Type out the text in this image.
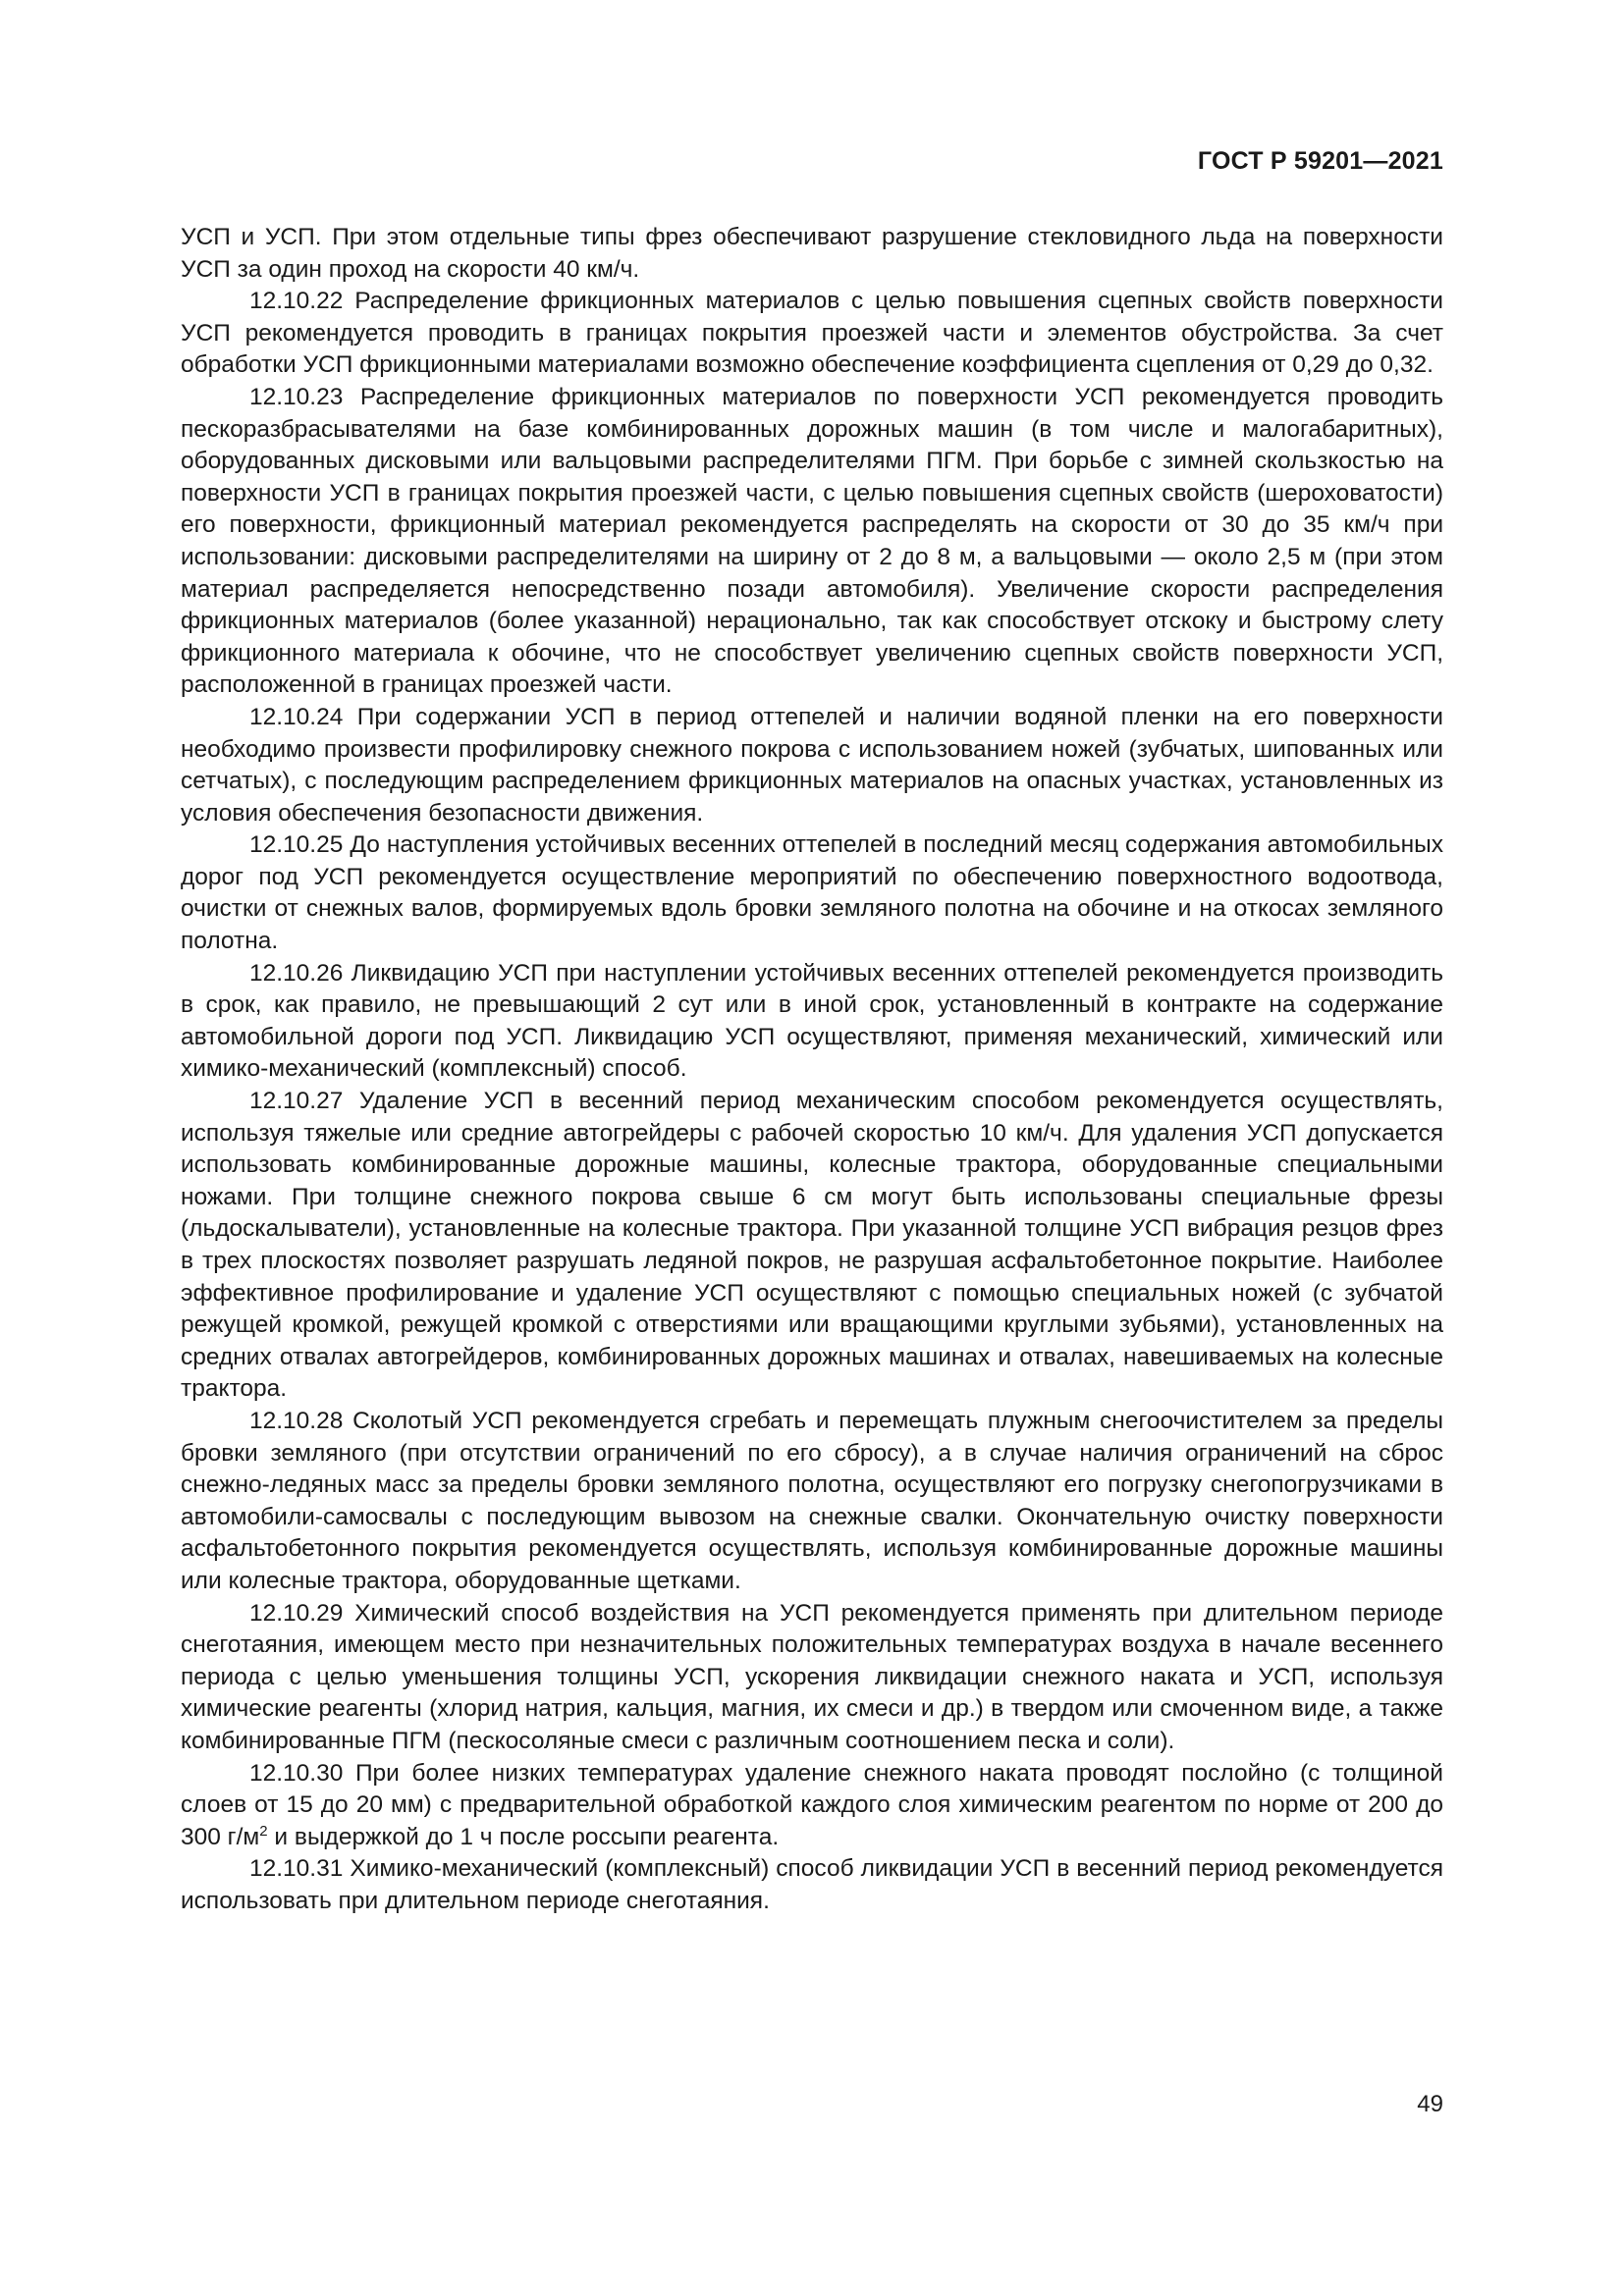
ГОСТ Р 59201—2021

УСП и УСП. При этом отдельные типы фрез обеспечивают разрушение стекловидного льда на поверхности УСП за один проход на скорости 40 км/ч.

12.10.22 Распределение фрикционных материалов с целью повышения сцепных свойств поверхности УСП рекомендуется проводить в границах покрытия проезжей части и элементов обустройства. За счет обработки УСП фрикционными материалами возможно обеспечение коэффициента сцепления от 0,29 до 0,32.

12.10.23 Распределение фрикционных материалов по поверхности УСП рекомендуется проводить пескоразбрасывателями на базе комбинированных дорожных машин (в том числе и малогабаритных), оборудованных дисковыми или вальцовыми распределителями ПГМ. При борьбе с зимней скользкостью на поверхности УСП в границах покрытия проезжей части, с целью повышения сцепных свойств (шероховатости) его поверхности, фрикционный материал рекомендуется распределять на скорости от 30 до 35 км/ч при использовании: дисковыми распределителями на ширину от 2 до 8 м, а вальцовыми — около 2,5 м (при этом материал распределяется непосредственно позади автомобиля). Увеличение скорости распределения фрикционных материалов (более указанной) нерационально, так как способствует отскоку и быстрому слету фрикционного материала к обочине, что не способствует увеличению сцепных свойств поверхности УСП, расположенной в границах проезжей части.

12.10.24 При содержании УСП в период оттепелей и наличии водяной пленки на его поверхности необходимо произвести профилировку снежного покрова с использованием ножей (зубчатых, шипованных или сетчатых), с последующим распределением фрикционных материалов на опасных участках, установленных из условия обеспечения безопасности движения.

12.10.25 До наступления устойчивых весенних оттепелей в последний месяц содержания автомобильных дорог под УСП рекомендуется осуществление мероприятий по обеспечению поверхностного водоотвода, очистки от снежных валов, формируемых вдоль бровки земляного полотна на обочине и на откосах земляного полотна.

12.10.26 Ликвидацию УСП при наступлении устойчивых весенних оттепелей рекомендуется производить в срок, как правило, не превышающий 2 сут или в иной срок, установленный в контракте на содержание автомобильной дороги под УСП. Ликвидацию УСП осуществляют, применяя механический, химический или химико-механический (комплексный) способ.

12.10.27 Удаление УСП в весенний период механическим способом рекомендуется осуществлять, используя тяжелые или средние автогрейдеры с рабочей скоростью 10 км/ч. Для удаления УСП допускается использовать комбинированные дорожные машины, колесные трактора, оборудованные специальными ножами. При толщине снежного покрова свыше 6 см могут быть использованы специальные фрезы (льдоскалыватели), установленные на колесные трактора. При указанной толщине УСП вибрация резцов фрез в трех плоскостях позволяет разрушать ледяной покров, не разрушая асфальтобетонное покрытие. Наиболее эффективное профилирование и удаление УСП осуществляют с помощью специальных ножей (с зубчатой режущей кромкой, режущей кромкой с отверстиями или вращающими круглыми зубьями), установленных на средних отвалах автогрейдеров, комбинированных дорожных машинах и отвалах, навешиваемых на колесные трактора.

12.10.28 Сколотый УСП рекомендуется сгребать и перемещать плужным снегоочистителем за пределы бровки земляного (при отсутствии ограничений по его сбросу), а в случае наличия ограничений на сброс снежно-ледяных масс за пределы бровки земляного полотна, осуществляют его погрузку снегопогрузчиками в автомобили-самосвалы с последующим вывозом на снежные свалки. Окончательную очистку поверхности асфальтобетонного покрытия рекомендуется осуществлять, используя комбинированные дорожные машины или колесные трактора, оборудованные щетками.

12.10.29 Химический способ воздействия на УСП рекомендуется применять при длительном периоде снеготаяния, имеющем место при незначительных положительных температурах воздуха в начале весеннего периода с целью уменьшения толщины УСП, ускорения ликвидации снежного наката и УСП, используя химические реагенты (хлорид натрия, кальция, магния, их смеси и др.) в твердом или смоченном виде, а также комбинированные ПГМ (пескосоляные смеси с различным соотношением песка и соли).

12.10.30 При более низких температурах удаление снежного наката проводят послойно (с толщиной слоев от 15 до 20 мм) с предварительной обработкой каждого слоя химическим реагентом по норме от 200 до 300 $г/м^2$ и выдержкой до 1 ч после россыпи реагента.

12.10.31 Химико-механический (комплексный) способ ликвидации УСП в весенний период рекомендуется использовать при длительном периоде снеготаяния.

49
